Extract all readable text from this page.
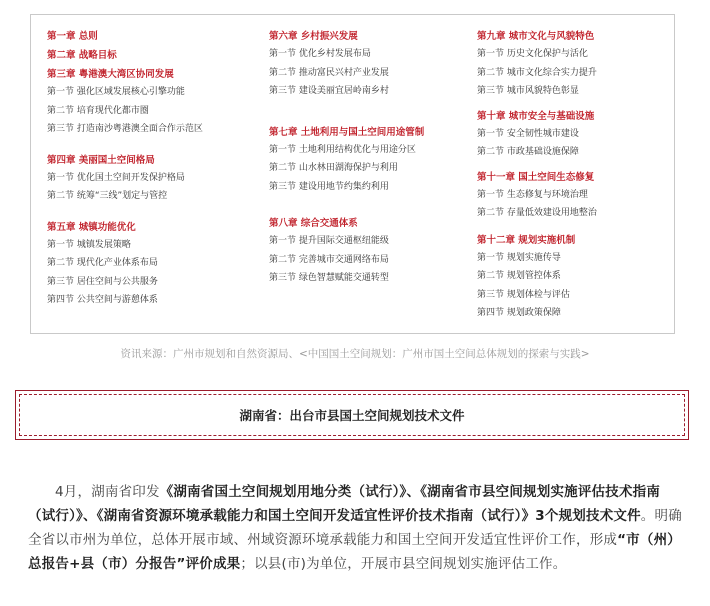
第一章 总则
第二章 战略目标
第三章 粤港澳大湾区协同发展
第一节 强化区域发展核心引擎功能
第二节 培育现代化都市圈
第三节 打造南沙粤港澳全面合作示范区
第四章 美丽国土空间格局
第一节 优化国土空间开发保护格局
第二节 统筹“三线”划定与管控
第五章 城镇功能优化
第一节 城镇发展策略
第二节 现代化产业体系布局
第三节 居住空间与公共服务
第四节 公共空间与游憩体系
第六章 乡村振兴发展
第一节 优化乡村发展布局
第二节 推动富民兴村产业发展
第三节 建设美丽宜居岭南乡村
第七章 土地利用与国土空间用途管制
第一节 土地利用结构优化与用途分区
第二节 山水林田湖海保护与利用
第三节 建设用地节约集约利用
第八章 综合交通体系
第一节 提升国际交通枢纽能级
第二节 完善城市交通网络布局
第三节 绿色智慧赋能交通转型
第九章 城市文化与风貌特色
第一节 历史文化保护与活化
第二节 城市文化综合实力提升
第三节 城市风貌特色彰显
第十章 城市安全与基础设施
第一节 安全韧性城市建设
第二节 市政基础设施保障
第十一章 国土空间生态修复
第一节 生态修复与环境治理
第二节 存量低效建设用地整治
第十二章 规划实施机制
第一节 规划实施传导
第二节 规划管控体系
第三节 规划体检与评估
第四节 规划政策保障
资讯来源：广州市规划和自然资源局、<中国国土空间规划：广州市国土空间总体规划的探索与实践>
湖南省：出台市县国土空间规划技术文件

4月，湖南省印发《湖南省国土空间规划用地分类（试行）》、《湖南省市县空间规划实施评估技术指南（试行）》、《湖南省资源环境承载能力和国土空间开发适宜性评价技术指南（试行）》3个规划技术文件。明确全省以市州为单位，总体开展市域、州域资源环境承载能力和国土空间开发适宜性评价工作，形成“市（州）总报告+县（市）分报告”评价成果；以县(市)为单位，开展市县空间规划实施评估工作。
